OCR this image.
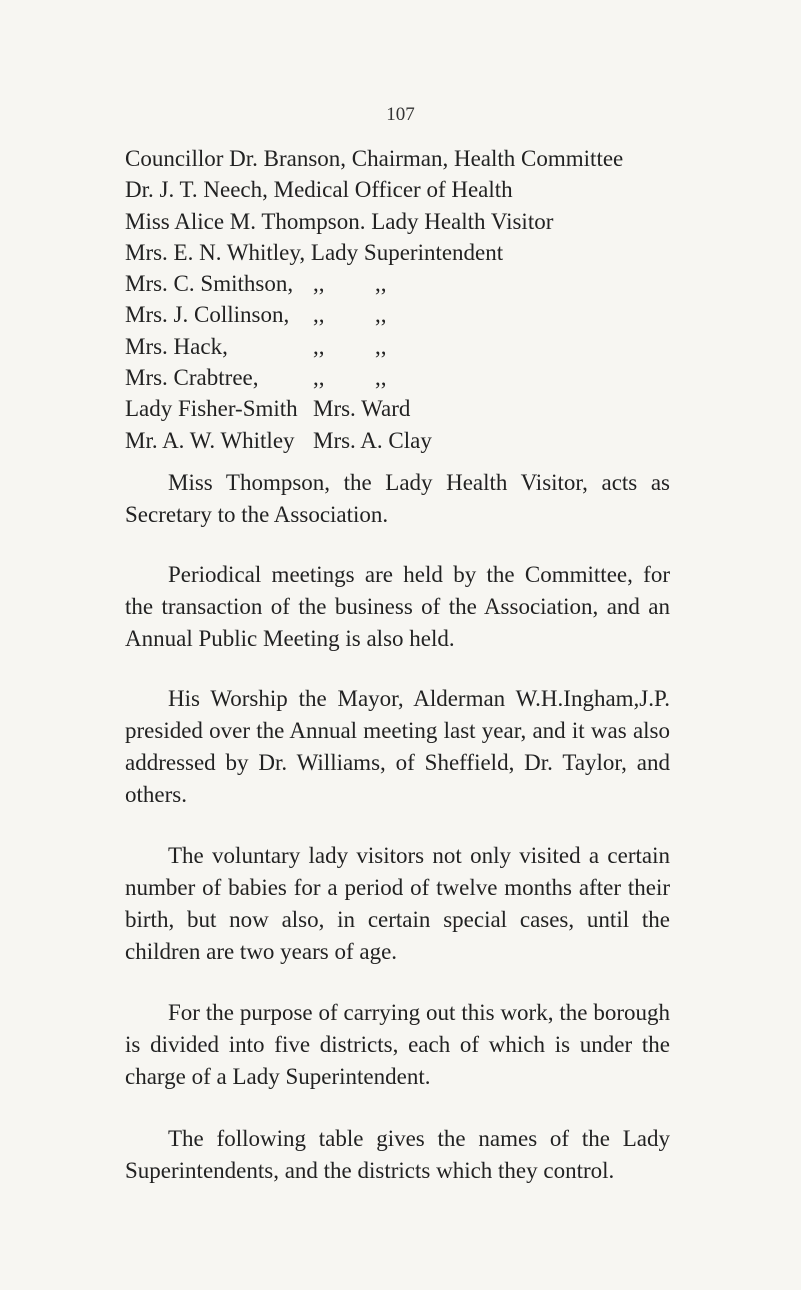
107
Councillor Dr. Branson, Chairman, Health Committee
Dr. J. T. Neech, Medical Officer of Health
Miss Alice M. Thompson. Lady Health Visitor
Mrs. E. N. Whitley, Lady Superintendent
Mrs. C. Smithson, ,,	,,
Mrs. J. Collinson,	,,	,,
Mrs. Hack,	,,	,,
Mrs. Crabtree,	,,	,,
Lady Fisher-Smith Mrs. Ward
Mr. A. W. Whitley Mrs. A. Clay

Miss Thompson, the Lady Health Visitor, acts as Secretary to the Association.

Periodical meetings are held by the Committee, for the transaction of the business of the Association, and an Annual Public Meeting is also held.

His Worship the Mayor, Alderman W.H.Ingham,J.P. presided over the Annual meeting last year, and it was also addressed by Dr. Williams, of Sheffield, Dr. Taylor, and others.

The voluntary lady visitors not only visited a certain number of babies for a period of twelve months after their birth, but now also, in certain special cases, until the children are two years of age.

For the purpose of carrying out this work, the borough is divided into five districts, each of which is under the charge of a Lady Superintendent.

The following table gives the names of the Lady Superintendents, and the districts which they control.
